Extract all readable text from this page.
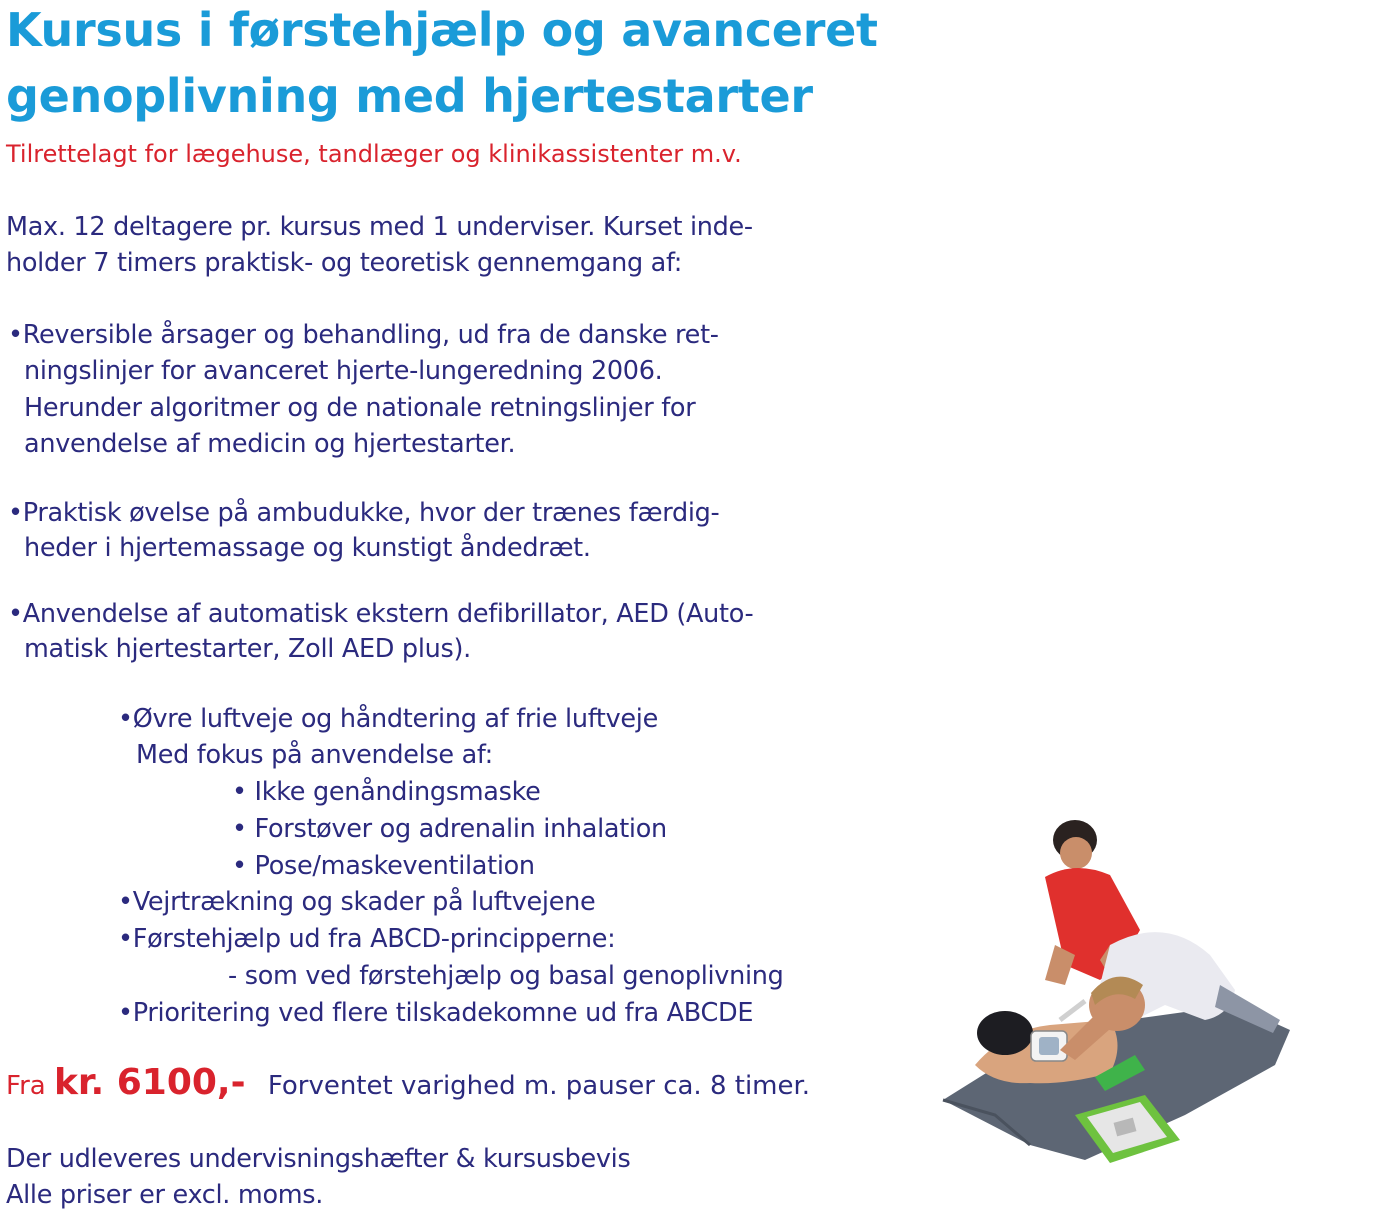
Kursus i førstehjælp og avanceret
genoplivning med hjertestarter
Tilrettelagt for lægehuse, tandlæger og klinikassistenter m.v.
Max. 12 deltagere pr. kursus med 1 underviser. Kurset inde-
holder 7 timers praktisk- og teoretisk gennemgang af:
•Reversible årsager og behandling, ud fra de danske ret-
ningslinjer for avanceret hjerte-lungeredning 2006.
Herunder algoritmer og de nationale retningslinjer for
anvendelse af medicin og hjertestarter.
•Praktisk øvelse på ambudukke, hvor der trænes færdig-
heder i hjertemassage og kunstigt åndedræt.
•Anvendelse af automatisk ekstern defibrillator, AED (Auto-
matisk hjertestarter, Zoll AED plus).
•Øvre luftveje og håndtering af frie luftveje
Med fokus på anvendelse af:
• Ikke genåndingsmaske
• Forstøver og adrenalin inhalation
• Pose/maskeventilation
•Vejrtrækning og skader på luftvejene
•Førstehjælp ud fra ABCD-principperne:
- som ved førstehjælp og basal genoplivning
•Prioritering ved flere tilskadekomne ud fra ABCDE
Fra kr. 6100,- Forventet varighed m. pauser ca. 8 timer.
Der udleveres undervisningshæfter & kursusbevis
Alle priser er excl. moms.
